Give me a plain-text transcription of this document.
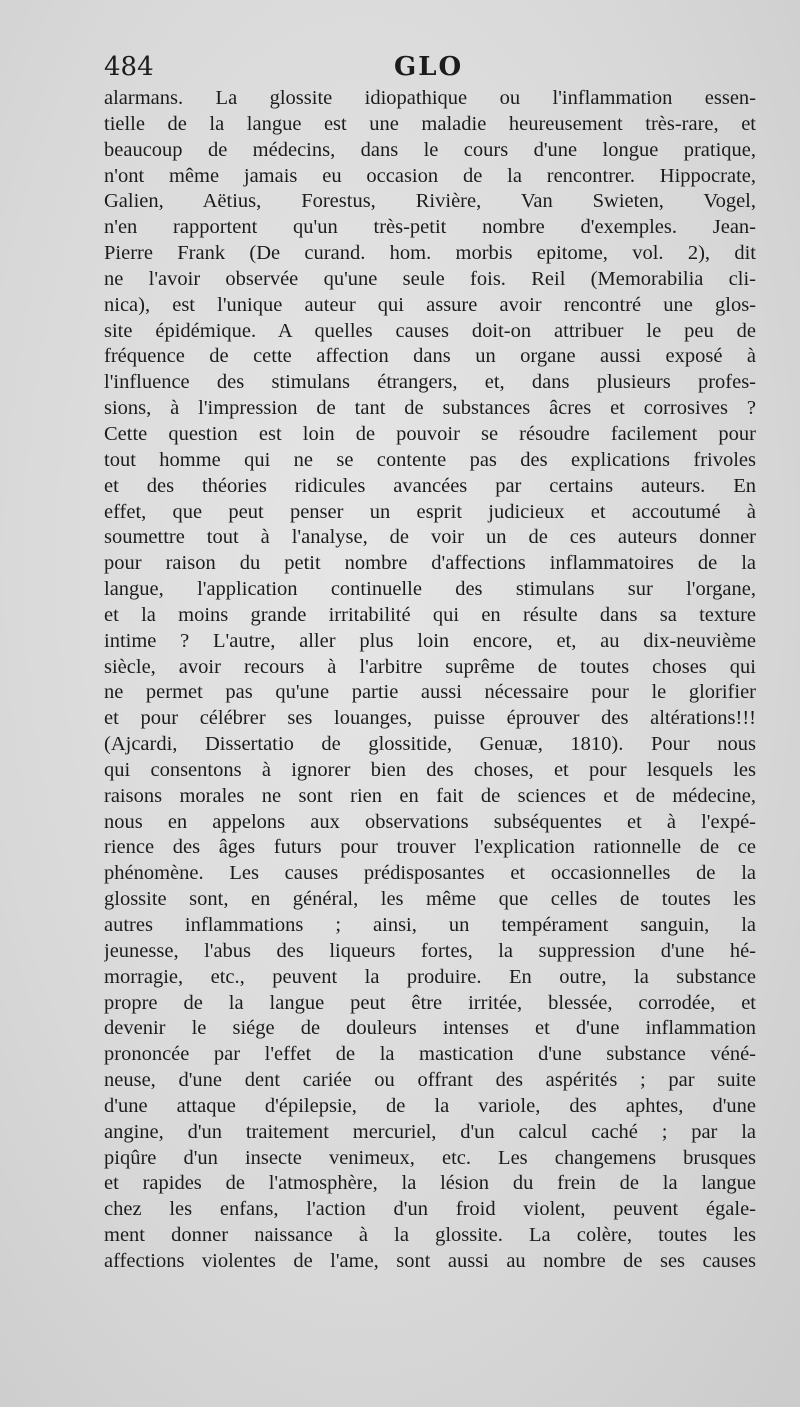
484	GLO
alarmans. La glossite idiopathique ou l'inflammation essen-
tielle de la langue est une maladie heureusement très-rare, et
beaucoup de médecins, dans le cours d'une longue pratique,
n'ont même jamais eu occasion de la rencontrer. Hippocrate,
Galien, Aëtius, Forestus, Rivière, Van Swieten, Vogel,
n'en rapportent qu'un très-petit nombre d'exemples. Jean-
Pierre Frank (De curand. hom. morbis epitome, vol. 2), dit
ne l'avoir observée qu'une seule fois. Reil (Memorabilia cli-
nica), est l'unique auteur qui assure avoir rencontré une glos-
site épidémique. A quelles causes doit-on attribuer le peu de
fréquence de cette affection dans un organe aussi exposé à
l'influence des stimulans étrangers, et, dans plusieurs profes-
sions, à l'impression de tant de substances âcres et corrosives ?
Cette question est loin de pouvoir se résoudre facilement pour
tout homme qui ne se contente pas des explications frivoles
et des théories ridicules avancées par certains auteurs. En
effet, que peut penser un esprit judicieux et accoutumé à
soumettre tout à l'analyse, de voir un de ces auteurs donner
pour raison du petit nombre d'affections inflammatoires de la
langue, l'application continuelle des stimulans sur l'organe,
et la moins grande irritabilité qui en résulte dans sa texture
intime ? L'autre, aller plus loin encore, et, au dix-neuvième
siècle, avoir recours à l'arbitre suprême de toutes choses qui
ne permet pas qu'une partie aussi nécessaire pour le glorifier
et pour célébrer ses louanges, puisse éprouver des altérations!!!
(Ajcardi, Dissertatio de glossitide, Genuæ, 1810). Pour nous
qui consentons à ignorer bien des choses, et pour lesquels les
raisons morales ne sont rien en fait de sciences et de médecine,
nous en appelons aux observations subséquentes et à l'expé-
rience des âges futurs pour trouver l'explication rationnelle de ce
phénomène. Les causes prédisposantes et occasionnelles de la
glossite sont, en général, les même que celles de toutes les
autres inflammations ; ainsi, un tempérament sanguin, la
jeunesse, l'abus des liqueurs fortes, la suppression d'une hé-
morragie, etc., peuvent la produire. En outre, la substance
propre de la langue peut être irritée, blessée, corrodée, et
devenir le siége de douleurs intenses et d'une inflammation
prononcée par l'effet de la mastication d'une substance véné-
neuse, d'une dent cariée ou offrant des aspérités ; par suite
d'une attaque d'épilepsie, de la variole, des aphtes, d'une
angine, d'un traitement mercuriel, d'un calcul caché ; par la
piqûre d'un insecte venimeux, etc. Les changemens brusques
et rapides de l'atmosphère, la lésion du frein de la langue
chez les enfans, l'action d'un froid violent, peuvent égale-
ment donner naissance à la glossite. La colère, toutes les
affections violentes de l'ame, sont aussi au nombre de ses causes
